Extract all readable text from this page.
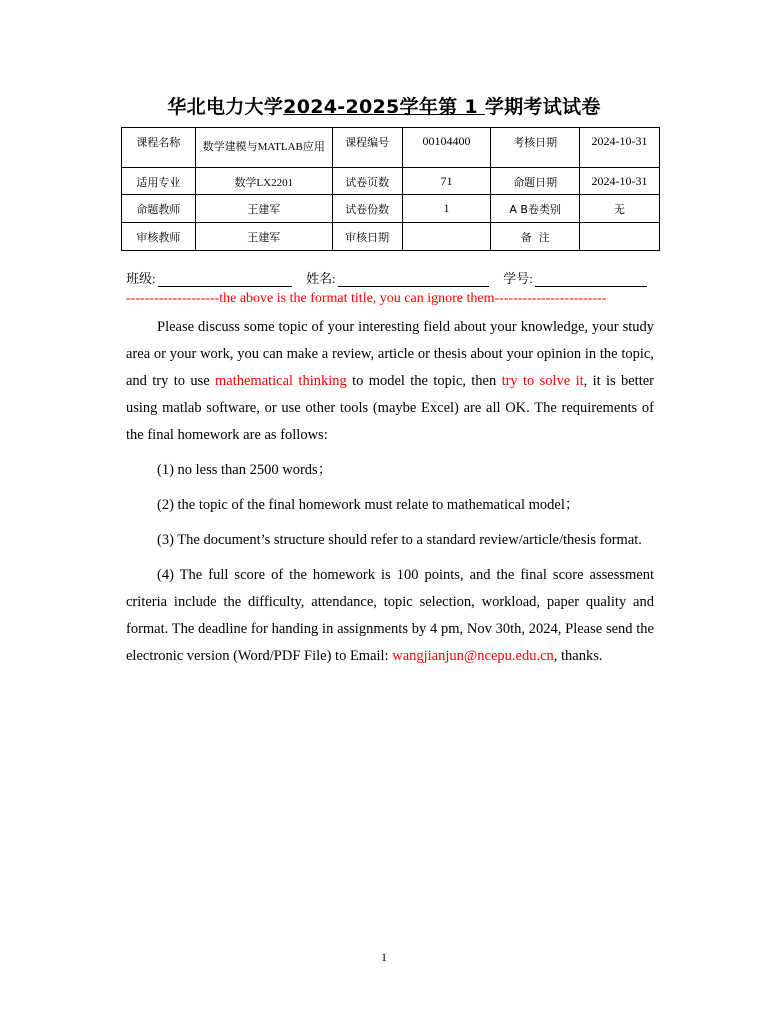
华北电力大学2024-2025学年第 1 学期考试试卷
课程名称	数学建模与MATLAB应用	课程编号	00104400	考核日期	2024-10-31
适用专业	数学LX2201	试卷页数	71	命题日期	2024-10-31
命题教师	王建军	试卷份数	1	A B卷类别	无
审核教师	王建军	审核日期		备  注	
班级:	姓名:	学号:
--------------------the above is the format title, you can ignore them------------------------

Please discuss some topic of your interesting field about your knowledge, your study area or your work, you can make a review, article or thesis about your opinion in the topic, and try to use mathematical thinking to model the topic, then try to solve it, it is better using matlab software, or use other tools (maybe Excel) are all OK. The requirements of the final homework are as follows:

(1) no less than 2500 words；

(2) the topic of the final homework must relate to mathematical model；

(3) The document’s structure should refer to a standard review/article/thesis format.

(4) The full score of the homework is 100 points, and the final score assessment criteria include the difficulty, attendance, topic selection, workload, paper quality and format. The deadline for handing in assignments by 4 pm, Nov 30th, 2024, Please send the electronic version (Word/PDF File) to Email: wangjianjun@ncepu.edu.cn, thanks.

1
